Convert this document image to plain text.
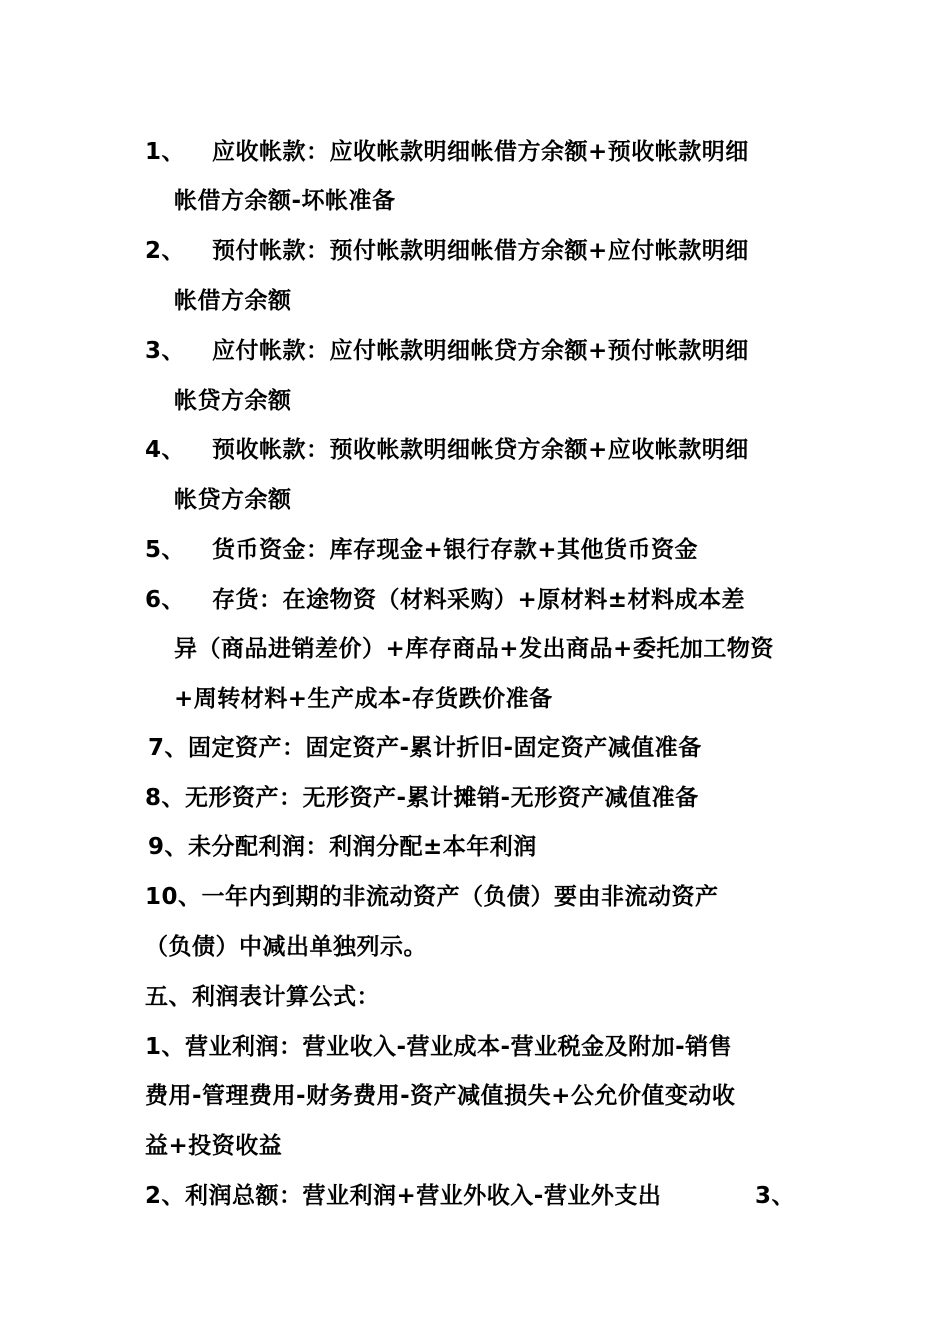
1、 应收帐款：应收帐款明细帐借方余额+预收帐款明细
帐借方余额-坏帐准备
2、 预付帐款：预付帐款明细帐借方余额+应付帐款明细
帐借方余额
3、 应付帐款：应付帐款明细帐贷方余额+预付帐款明细
帐贷方余额
4、 预收帐款：预收帐款明细帐贷方余额+应收帐款明细
帐贷方余额
5、 货币资金：库存现金+银行存款+其他货币资金
6、 存货：在途物资（材料采购）+原材料±材料成本差
异（商品进销差价）+库存商品+发出商品+委托加工物资
+周转材料+生产成本-存货跌价准备
7、固定资产：固定资产-累计折旧-固定资产减值准备
8、无形资产：无形资产-累计摊销-无形资产减值准备
9、未分配利润：利润分配±本年利润
10、一年内到期的非流动资产（负债）要由非流动资产
（负债）中减出单独列示。
五、利润表计算公式：
1、营业利润：营业收入-营业成本-营业税金及附加-销售
费用-管理费用-财务费用-资产减值损失+公允价值变动收
益+投资收益
2、利润总额：营业利润+营业外收入-营业外支出	3、
